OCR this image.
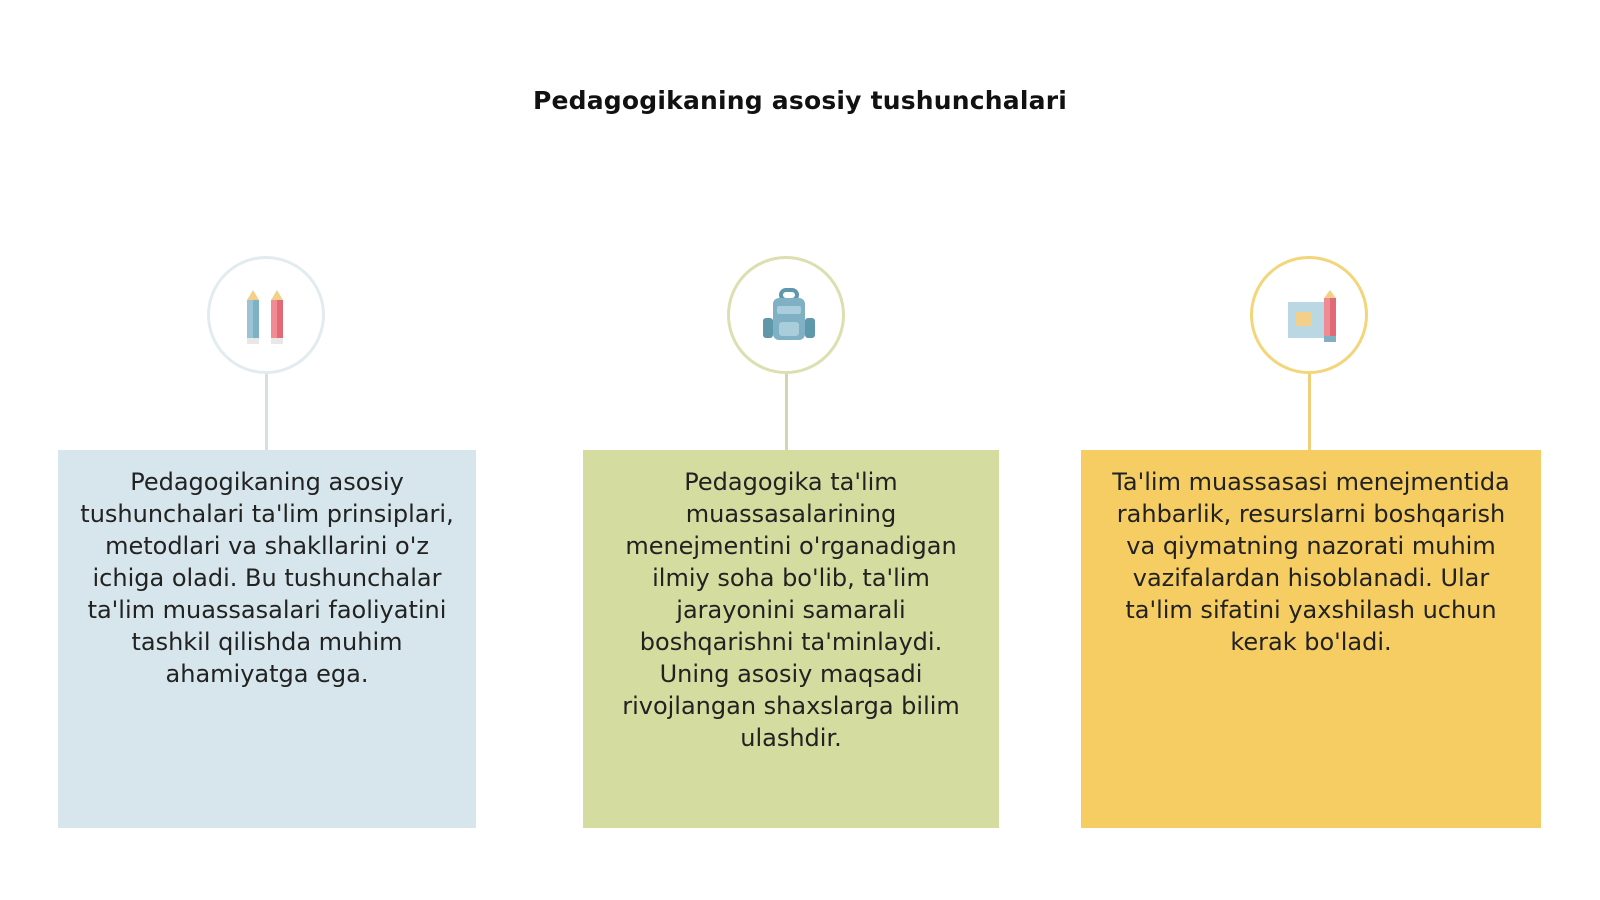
Pedagogikaning asosiy tushunchalari
Pedagogikaning asosiy tushunchalari ta'lim prinsiplari, metodlari va shakllarini o'z ichiga oladi. Bu tushunchalar ta'lim muassasalari faoliyatini tashkil qilishda muhim ahamiyatga ega.
Pedagogika ta'lim muassasalarining menejmentini o'rganadigan ilmiy soha bo'lib, ta'lim jarayonini samarali boshqarishni ta'minlaydi. Uning asosiy maqsadi rivojlangan shaxslarga bilim ulashdir.
Ta'lim muassasasi menejmentida rahbarlik, resurslarni boshqarish va qiymatning nazorati muhim vazifalardan hisoblanadi. Ular ta'lim sifatini yaxshilash uchun kerak bo'ladi.
